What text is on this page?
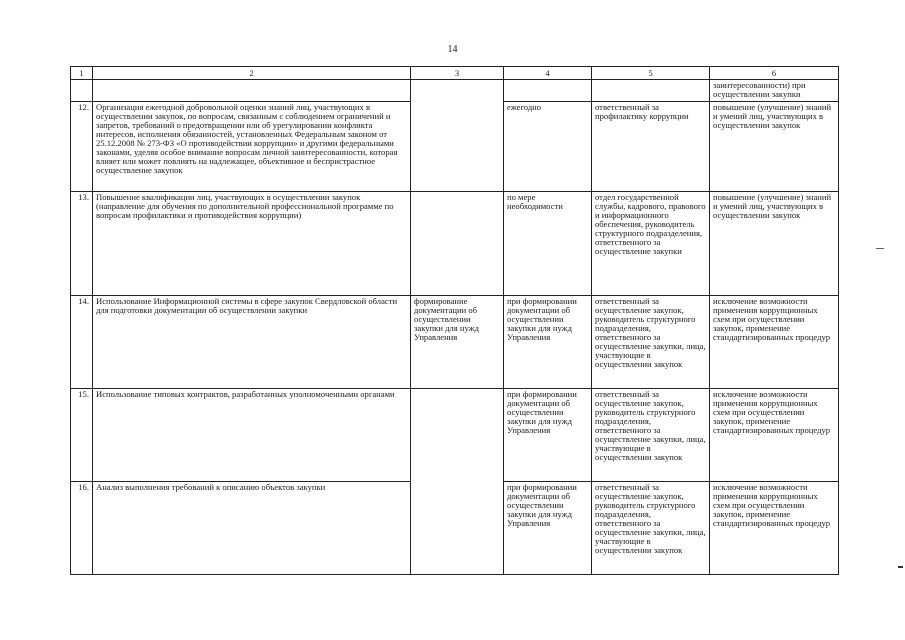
14
1	2	3	4	5	6
					заинтересованности) при осуществлении закупки
12.	Организация ежегодной добровольной оценки знаний лиц, участвующих в осуществлении закупок, по вопросам, связанным с соблюдением ограничений и запретов, требований о предотвращении или об урегулировании конфликта интересов, исполнения обязанностей, установленных Федеральным законом от 25.12.2008 № 273-ФЗ «О противодействии коррупции» и другими федеральными законами, уделяя особое внимание вопросам личной заинтересованности, которая влияет или может повлиять на надлежащее, объективное и беспристрастное осуществление закупок		ежегодно	ответственный за профилактику коррупции	повышение (улучшение) знаний и умений лиц, участвующих в осуществлении закупок
13.	Повышение квалификации лиц, участвующих в осуществлении закупок (направление для обучения по дополнительной профессиональной программе по вопросам профилактики и противодействия коррупции)		по мере необходимости	отдел государственной службы, кадрового, правового и информационного обеспечения, руководитель структурного подразделения, ответственного за осуществление закупки	повышение (улучшение) знаний и умений лиц, участвующих в осуществлении закупок
14.	Использование Информационной системы в сфере закупок Свердловской области для подготовки документации об осуществлении закупки	формирование документации об осуществлении закупки для нужд Управления	при формировании документации об осуществлении закупки для нужд Управления	ответственный за осуществление закупок, руководитель структурного подразделения, ответственного за осуществление закупки, лица, участвующие в осуществлении закупок	исключение возможности применения коррупционных схем при осуществлении закупок, применение стандартизированных процедур
15.	Использование типовых контрактов, разработанных уполномоченными органами		при формировании документации об осуществлении закупки для нужд Управления	ответственный за осуществление закупок, руководитель структурного подразделения, ответственного за осуществление закупки, лица, участвующие в осуществлении закупок	исключение возможности применения коррупционных схем при осуществлении закупок, применение стандартизированных процедур
16.	Анализ выполнения требований к описанию объектов закупки		при формировании документации об осуществлении закупки для нужд Управления	ответственный за осуществление закупок, руководитель структурного подразделения, ответственного за осуществление закупки, лица, участвующие в осуществлении закупок	исключение возможности применения коррупционных схем при осуществлении закупок, применение стандартизированных процедур
